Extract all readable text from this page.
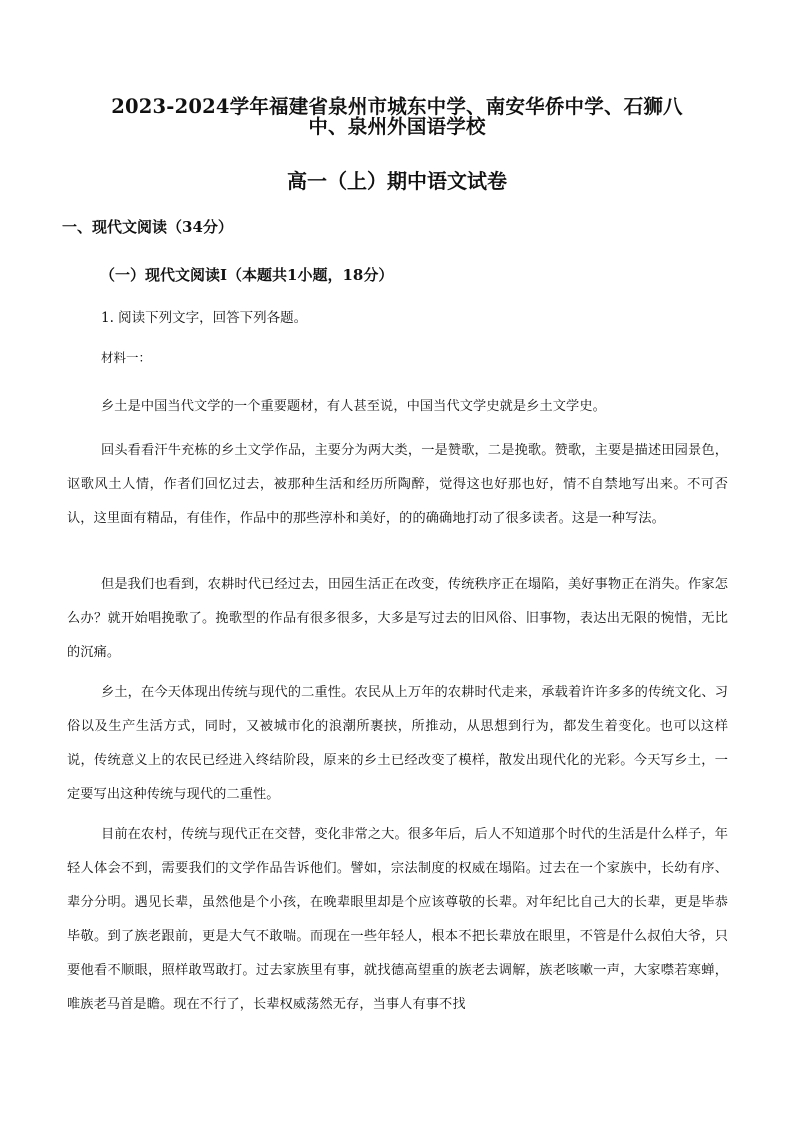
2023-2024学年福建省泉州市城东中学、南安华侨中学、石狮八
中、泉州外国语学校
高一（上）期中语文试卷
一、现代文阅读（34分）
（一）现代文阅读Ⅰ（本题共1小题，18分）
1. 阅读下列文字，回答下列各题。
材料一：
乡土是中国当代文学的一个重要题材，有人甚至说，中国当代文学史就是乡土文学史。
回头看看汗牛充栋的乡土文学作品，主要分为两大类，一是赞歌，二是挽歌。赞歌，主要是描述田园景色，讴歌风土人情，作者们回忆过去，被那种生活和经历所陶醉，觉得这也好那也好，情不自禁地写出来。不可否认，这里面有精品，有佳作，作品中的那些淳朴和美好，的的确确地打动了很多读者。这是一种写法。
但是我们也看到，农耕时代已经过去，田园生活正在改变，传统秩序正在塌陷，美好事物正在消失。作家怎么办？就开始唱挽歌了。挽歌型的作品有很多很多，大多是写过去的旧风俗、旧事物，表达出无限的惋惜，无比的沉痛。
乡土，在今天体现出传统与现代的二重性。农民从上万年的农耕时代走来，承载着许许多多的传统文化、习俗以及生产生活方式，同时，又被城市化的浪潮所裹挟，所推动，从思想到行为，都发生着变化。也可以这样说，传统意义上的农民已经进入终结阶段，原来的乡土已经改变了模样，散发出现代化的光彩。今天写乡土，一定要写出这种传统与现代的二重性。
目前在农村，传统与现代正在交替，变化非常之大。很多年后，后人不知道那个时代的生活是什么样子，年轻人体会不到，需要我们的文学作品告诉他们。譬如，宗法制度的权威在塌陷。过去在一个家族中，长幼有序、辈分分明。遇见长辈，虽然他是个小孩，在晚辈眼里却是个应该尊敬的长辈。对年纪比自己大的长辈，更是毕恭毕敬。到了族老跟前，更是大气不敢喘。而现在一些年轻人，根本不把长辈放在眼里，不管是什么叔伯大爷，只要他看不顺眼，照样敢骂敢打。过去家族里有事，就找德高望重的族老去调解，族老咳嗽一声，大家噤若寒蝉，唯族老马首是瞻。现在不行了，长辈权威荡然无存，当事人有事不找
